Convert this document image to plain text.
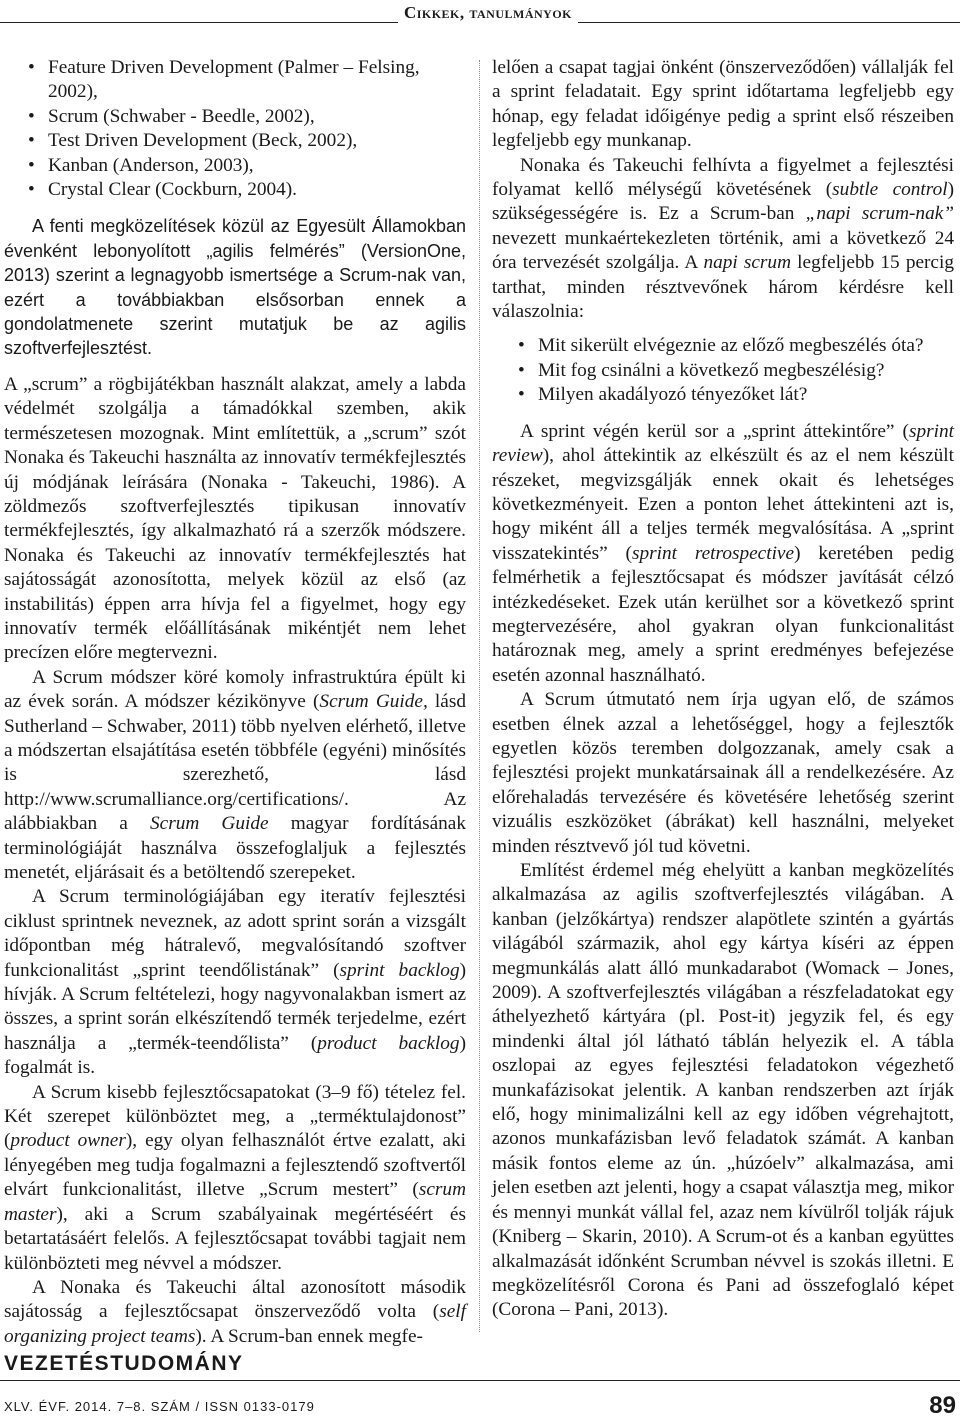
Cikkek, tanulmányok
• Feature Driven Development (Palmer – Felsing, 2002),
• Scrum (Schwaber - Beedle, 2002),
• Test Driven Development (Beck, 2002),
• Kanban (Anderson, 2003),
• Crystal Clear (Cockburn, 2004).

A fenti megközelítések közül az Egyesült Államokban évenként lebonyolított „agilis felmérés” (VersionOne, 2013) szerint a legnagyobb ismertsége a Scrum-nak van, ezért a továbbiakban elsősorban ennek a gondolatmenete szerint mutatjuk be az agilis szoftverfejlesztést.

A „scrum” a rögbijátékban használt alakzat, amely a labda védelmét szolgálja a támadókkal szemben, akik természetesen mozognak. Mint említettük, a „scrum” szót Nonaka és Takeuchi használta az innovatív termékfejlesztés új módjának leírására (Nonaka - Takeuchi, 1986). A zöldmezős szoftverfejlesztés tipikusan innovatív termékfejlesztés, így alkalmazható rá a szerzők módszere. Nonaka és Takeuchi az innovatív termékfejlesztés hat sajátosságát azonosította, melyek közül az első (az instabilitás) éppen arra hívja fel a figyelmet, hogy egy innovatív termék előállításának mikéntjét nem lehet precízen előre megtervezni.

A Scrum módszer köré komoly infrastruktúra épült ki az évek során. A módszer kézikönyve (Scrum Guide, lásd Sutherland – Schwaber, 2011) több nyelven elérhető, illetve a módszertan elsajátítása esetén többféle (egyéni) minősítés is szerezhető, lásd http://www.scrumalliance.org/certifications/. Az alábbiakban a Scrum Guide magyar fordításának terminológiáját használva összefoglaljuk a fejlesztés menetét, eljárásait és a betöltendő szerepeket.

A Scrum terminológiájában egy iteratív fejlesztési ciklust sprintnek neveznek, az adott sprint során a vizsgált időpontban még hátralevő, megvalósítandó szoftver funkcionalitást „sprint teendőlistának” (sprint backlog) hívják. A Scrum feltételezi, hogy nagyvonalakban ismert az összes, a sprint során elkészítendő termék terjedelme, ezért használja a „termék-teendőlista” (product backlog) fogalmát is.

A Scrum kisebb fejlesztőcsapatokat (3–9 fő) tételez fel. Két szerepet különböztet meg, a „terméktulajdonost” (product owner), egy olyan felhasználót értve ezalatt, aki lényegében meg tudja fogalmazni a fejlesztendő szoftvertől elvárt funkcionalitást, illetve „Scrum mestert” (scrum master), aki a Scrum szabályainak megértéséért és betartatásáért felelős. A fejlesztőcsapat további tagjait nem különbözteti meg névvel a módszer.

A Nonaka és Takeuchi által azonosított második sajátosság a fejlesztőcsapat önszerveződő volta (self organizing project teams). A Scrum-ban ennek megfe-

lelően a csapat tagjai önként (önszerveződően) vállalják fel a sprint feladatait. Egy sprint időtartama legfeljebb egy hónap, egy feladat időigénye pedig a sprint első részeiben legfeljebb egy munkanap.

Nonaka és Takeuchi felhívta a figyelmet a fejlesztési folyamat kellő mélységű követésének (subtle control) szükségességére is. Ez a Scrum-ban „napi scrum-nak” nevezett munkaértekezleten történik, ami a következő 24 óra tervezését szolgálja. A napi scrum legfeljebb 15 percig tarthat, minden résztvevőnek három kérdésre kell válaszolnia:

• Mit sikerült elvégeznie az előző megbeszélés óta?
• Mit fog csinálni a következő megbeszélésig?
• Milyen akadályozó tényezőket lát?

A sprint végén kerül sor a „sprint áttekintőre” (sprint review), ahol áttekintik az elkészült és az el nem készült részeket, megvizsgálják ennek okait és lehetséges következményeit. Ezen a ponton lehet áttekinteni azt is, hogy miként áll a teljes termék megvalósítása. A „sprint visszatekintés” (sprint retrospective) keretében pedig felmérhetik a fejlesztőcsapat és módszer javítását célzó intézkedéseket. Ezek után kerülhet sor a következő sprint megtervezésére, ahol gyakran olyan funkcionalitást határoznak meg, amely a sprint eredményes befejezése esetén azonnal használható.

A Scrum útmutató nem írja ugyan elő, de számos esetben élnek azzal a lehetőséggel, hogy a fejlesztők egyetlen közös teremben dolgozzanak, amely csak a fejlesztési projekt munkatársainak áll a rendelkezésére. Az előrehaladás tervezésére és követésére lehetőség szerint vizuális eszközöket (ábrákat) kell használni, melyeket minden résztvevő jól tud követni.

Említést érdemel még ehelyütt a kanban megközelítés alkalmazása az agilis szoftverfejlesztés világában. A kanban (jelzőkártya) rendszer alapötlete szintén a gyártás világából származik, ahol egy kártya kíséri az éppen megmunkálás alatt álló munkadarabot (Womack – Jones, 2009). A szoftverfejlesztés világában a részfeladatokat egy áthelyezhető kártyára (pl. Post-it) jegyzik fel, és egy mindenki által jól látható táblán helyezik el. A tábla oszlopai az egyes fejlesztési feladatokon végezhető munkafázisokat jelentik. A kanban rendszerben azt írják elő, hogy minimalizálni kell az egy időben végrehajtott, azonos munkafázisban levő feladatok számát. A kanban másik fontos eleme az ún. „húzóelv” alkalmazása, ami jelen esetben azt jelenti, hogy a csapat választja meg, mikor és mennyi munkát vállal fel, azaz nem kívülről tolják rájuk (Kniberg – Skarin, 2010). A Scrum-ot és a kanban együttes alkalmazását időnként Scrumban névvel is szokás illetni. E megközelítésről Corona és Pani ad összefoglaló képet (Corona – Pani, 2013).

VEZETÉSTUDOMÁNY
XLV. ÉVF. 2014. 7–8. SZÁM / ISSN 0133-0179	89
